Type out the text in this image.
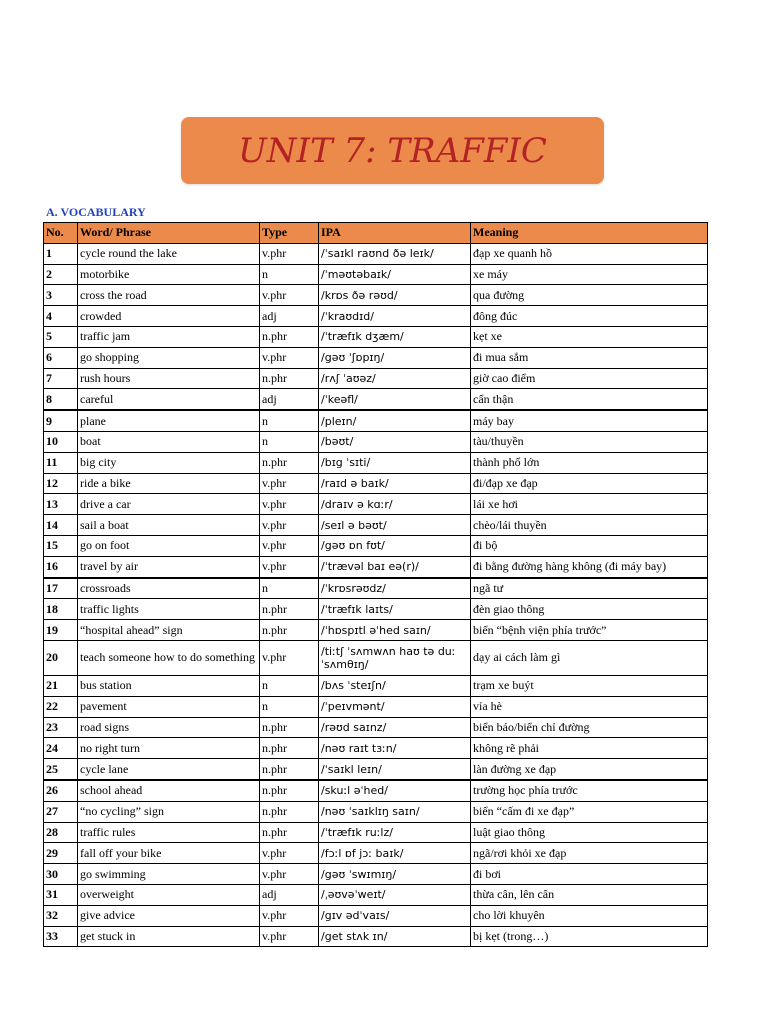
UNIT 7: TRAFFIC
A. VOCABULARY
No.	Word/ Phrase	Type	IPA	Meaning
1	cycle round the lake	v.phr	/ˈsaɪkl raʊnd ðə leɪk/	đạp xe quanh hồ
2	motorbike	n	/ˈməʊtəbaɪk/	xe máy
3	cross the road	v.phr	/krɒs ðə rəʊd/	qua đường
4	crowded	adj	/ˈkraʊdɪd/	đông đúc
5	traffic jam	n.phr	/ˈtræfɪk dʒæm/	kẹt xe
6	go shopping	v.phr	/gəʊ ˈʃɒpɪŋ/	đi mua sắm
7	rush hours	n.phr	/rʌʃ ˈaʊəz/	giờ cao điểm
8	careful	adj	/ˈkeəfl/	cẩn thận
9	plane	n	/pleɪn/	máy bay
10	boat	n	/bəʊt/	tàu/thuyền
11	big city	n.phr	/bɪg ˈsɪti/	thành phố lớn
12	ride a bike	v.phr	/raɪd ə baɪk/	đi/đạp xe đạp
13	drive a car	v.phr	/draɪv ə kɑːr/	lái xe hơi
14	sail a boat	v.phr	/seɪl ə bəʊt/	chèo/lái thuyền
15	go on foot	v.phr	/gəʊ ɒn fʊt/	đi bộ
16	travel by air	v.phr	/ˈtrævəl baɪ eə(r)/	đi bằng đường hàng không (đi máy bay)
17	crossroads	n	/ˈkrɒsrəʊdz/	ngã tư
18	traffic lights	n.phr	/ˈtræfɪk laɪts/	đèn giao thông
19	“hospital ahead” sign	n.phr	/ˈhɒspɪtl əˈhed saɪn/	biển “bệnh viện phía trước”
20	teach someone how to do something	v.phr	/tiːtʃ ˈsʌmwʌn haʊ tə duː ˈsʌmθɪŋ/	dạy ai cách làm gì
21	bus station	n	/bʌs ˈsteɪʃn/	trạm xe buýt
22	pavement	n	/ˈpeɪvmənt/	vỉa hè
23	road signs	n.phr	/rəʊd saɪnz/	biển báo/biển chỉ đường
24	no right turn	n.phr	/nəʊ raɪt tɜːn/	không rẽ phải
25	cycle lane	n.phr	/ˈsaɪkl leɪn/	làn đường xe đạp
26	school ahead	n.phr	/skuːl əˈhed/	trường học phía trước
27	“no cycling” sign	n.phr	/nəʊ ˈsaɪklɪŋ saɪn/	biển “cấm đi xe đạp”
28	traffic rules	n.phr	/ˈtræfɪk ruːlz/	luật giao thông
29	fall off your bike	v.phr	/fɔːl ɒf jɔː baɪk/	ngã/rơi khỏi xe đạp
30	go swimming	v.phr	/gəʊ ˈswɪmɪŋ/	đi bơi
31	overweight	adj	/ˌəʊvəˈweɪt/	thừa cân, lên cân
32	give advice	v.phr	/gɪv ədˈvaɪs/	cho lời khuyên
33	get stuck in	v.phr	/get stʌk ɪn/	bị kẹt (trong…)
